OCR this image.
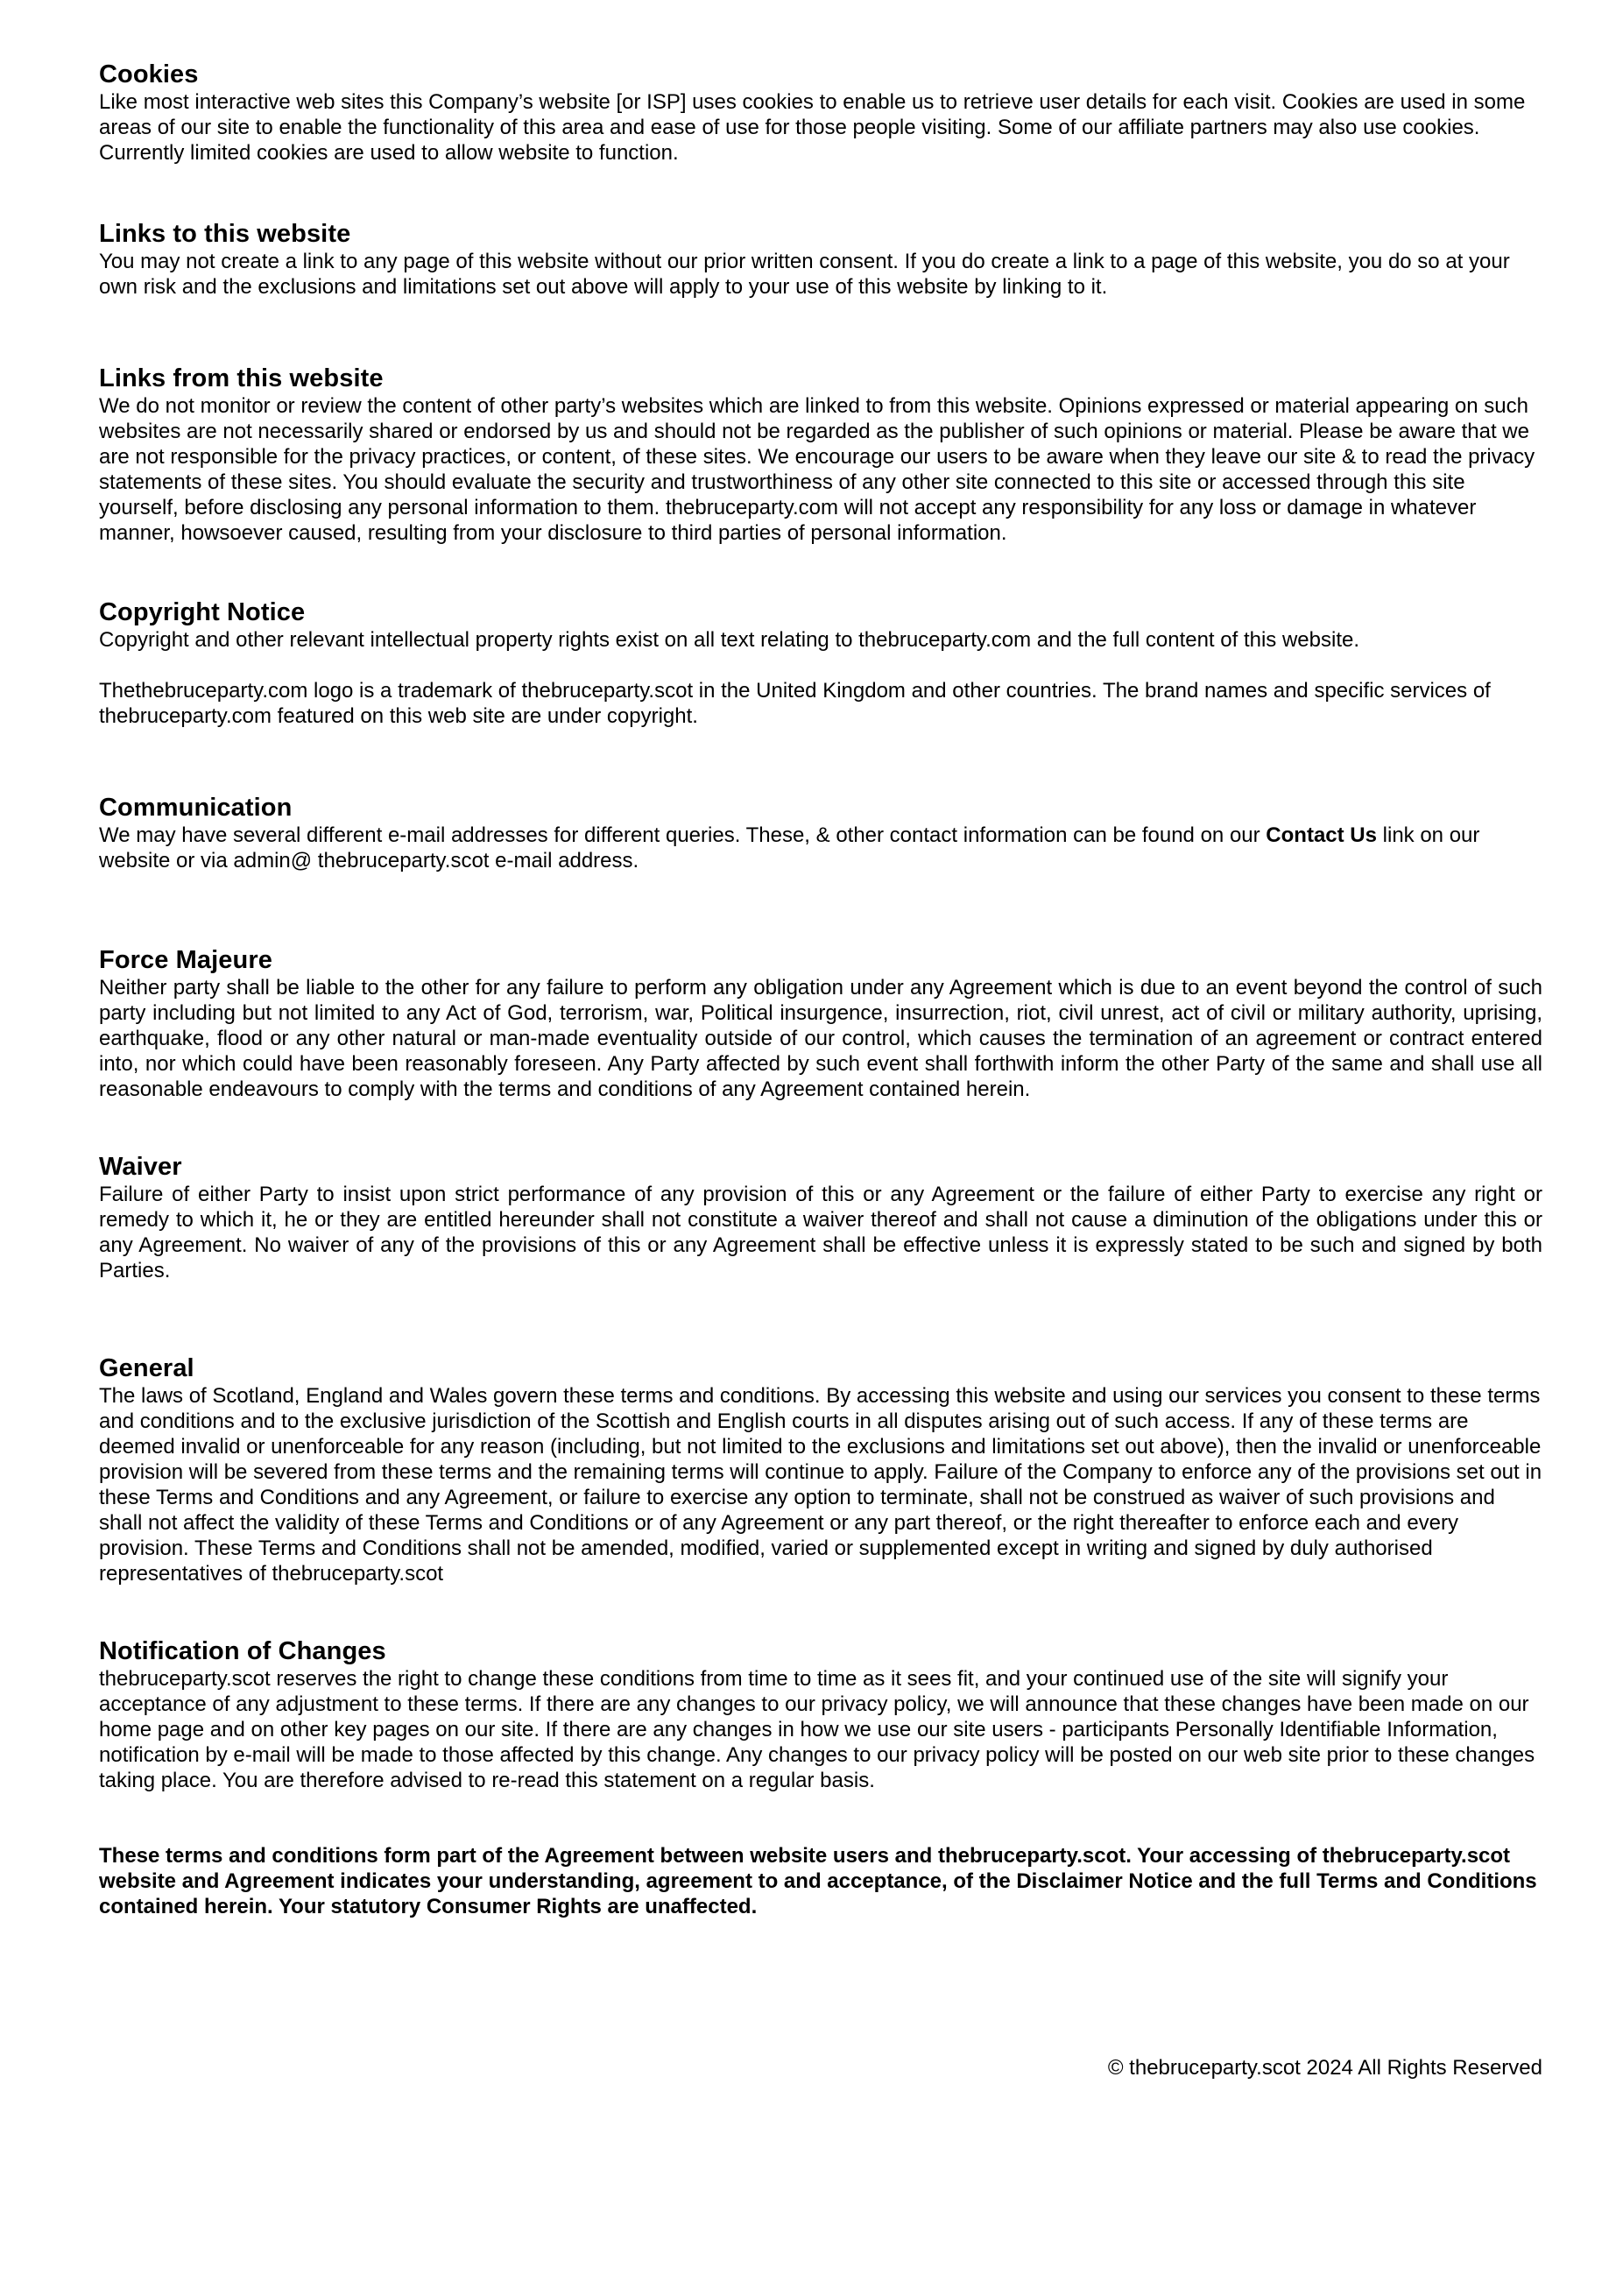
Cookies

Like most interactive web sites this Company’s website [or ISP] uses cookies to enable us to retrieve user details for each visit. Cookies are used in some areas of our site to enable the functionality of this area and ease of use for those people visiting. Some of our affiliate partners may also use cookies. Currently limited cookies are used to allow website to function.

Links to this website

You may not create a link to any page of this website without our prior written consent. If you do create a link to a page of this website, you do so at your own risk and the exclusions and limitations set out above will apply to your use of this website by linking to it.

Links from this website

We do not monitor or review the content of other party’s websites which are linked to from this website. Opinions expressed or material appearing on such websites are not necessarily shared or endorsed by us and should not be regarded as the publisher of such opinions or material. Please be aware that we are not responsible for the privacy practices, or content, of these sites. We encourage our users to be aware when they leave our site & to read the privacy statements of these sites. You should evaluate the security and trustworthiness of any other site connected to this site or accessed through this site yourself, before disclosing any personal information to them. thebruceparty.com will not accept any responsibility for any loss or damage in whatever manner, howsoever caused, resulting from your disclosure to third parties of personal information.

Copyright Notice

Copyright and other relevant intellectual property rights exist on all text relating to thebruceparty.com and the full content of this website.

Thethebruceparty.com logo is a trademark of thebruceparty.scot in the United Kingdom and other countries. The brand names and specific services of thebruceparty.com featured on this web site are under copyright.

Communication

We may have several different e-mail addresses for different queries. These, & other contact information can be found on our Contact Us link on our website or via admin@ thebruceparty.scot e-mail address.

Force Majeure

Neither party shall be liable to the other for any failure to perform any obligation under any Agreement which is due to an event beyond the control of such party including but not limited to any Act of God, terrorism, war, Political insurgence, insurrection, riot, civil unrest, act of civil or military authority, uprising, earthquake, flood or any other natural or man-made eventuality outside of our control, which causes the termination of an agreement or contract entered into, nor which could have been reasonably foreseen. Any Party affected by such event shall forthwith inform the other Party of the same and shall use all reasonable endeavours to comply with the terms and conditions of any Agreement contained herein.

Waiver

Failure of either Party to insist upon strict performance of any provision of this or any Agreement or the failure of either Party to exercise any right or remedy to which it, he or they are entitled hereunder shall not constitute a waiver thereof and shall not cause a diminution of the obligations under this or any Agreement. No waiver of any of the provisions of this or any Agreement shall be effective unless it is expressly stated to be such and signed by both Parties.

General

The laws of Scotland, England and Wales govern these terms and conditions. By accessing this website and using our services you consent to these terms and conditions and to the exclusive jurisdiction of the Scottish and English courts in all disputes arising out of such access. If any of these terms are deemed invalid or unenforceable for any reason (including, but not limited to the exclusions and limitations set out above), then the invalid or unenforceable provision will be severed from these terms and the remaining terms will continue to apply. Failure of the Company to enforce any of the provisions set out in these Terms and Conditions and any Agreement, or failure to exercise any option to terminate, shall not be construed as waiver of such provisions and shall not affect the validity of these Terms and Conditions or of any Agreement or any part thereof, or the right thereafter to enforce each and every provision. These Terms and Conditions shall not be amended, modified, varied or supplemented except in writing and signed by duly authorised representatives of thebruceparty.scot

Notification of Changes

thebruceparty.scot reserves the right to change these conditions from time to time as it sees fit, and your continued use of the site will signify your acceptance of any adjustment to these terms. If there are any changes to our privacy policy, we will announce that these changes have been made on our home page and on other key pages on our site. If there are any changes in how we use our site users - participants Personally Identifiable Information, notification by e-mail will be made to those affected by this change. Any changes to our privacy policy will be posted on our web site prior to these changes taking place. You are therefore advised to re-read this statement on a regular basis.

These terms and conditions form part of the Agreement between website users and thebruceparty.scot. Your accessing of thebruceparty.scot website and Agreement indicates your understanding, agreement to and acceptance, of the Disclaimer Notice and the full Terms and Conditions contained herein. Your statutory Consumer Rights are unaffected.

© thebruceparty.scot 2024 All Rights Reserved
